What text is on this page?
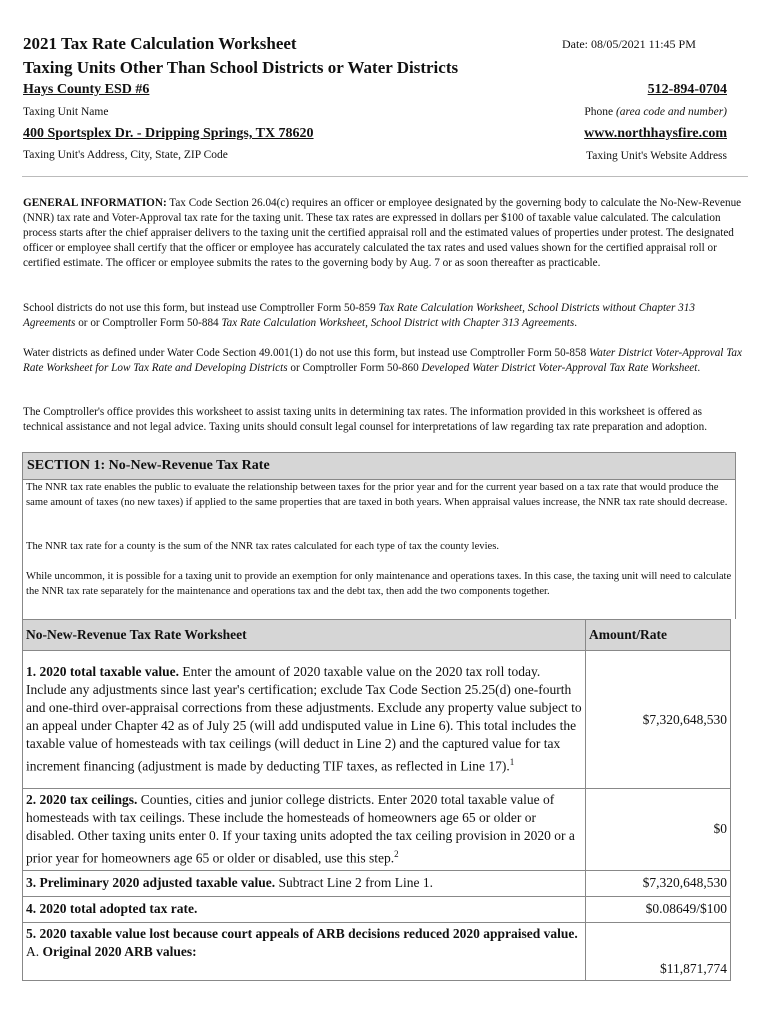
2021 Tax Rate Calculation Worksheet
Taxing Units Other Than School Districts or Water Districts
Date: 08/05/2021 11:45 PM
Hays County ESD #6
Taxing Unit Name
512-894-0704
Phone (area code and number)
400 Sportsplex Dr. - Dripping Springs, TX 78620
Taxing Unit's Address, City, State, ZIP Code
www.northhaysfire.com
Taxing Unit's Website Address
GENERAL INFORMATION: Tax Code Section 26.04(c) requires an officer or employee designated by the governing body to calculate the No-New-Revenue (NNR) tax rate and Voter-Approval tax rate for the taxing unit. These tax rates are expressed in dollars per $100 of taxable value calculated. The calculation process starts after the chief appraiser delivers to the taxing unit the certified appraisal roll and the estimated values of properties under protest. The designated officer or employee shall certify that the officer or employee has accurately calculated the tax rates and used values shown for the certified appraisal roll or certified estimate. The officer or employee submits the rates to the governing body by Aug. 7 or as soon thereafter as practicable.
School districts do not use this form, but instead use Comptroller Form 50-859 Tax Rate Calculation Worksheet, School Districts without Chapter 313 Agreements or or Comptroller Form 50-884 Tax Rate Calculation Worksheet, School District with Chapter 313 Agreements.
Water districts as defined under Water Code Section 49.001(1) do not use this form, but instead use Comptroller Form 50-858 Water District Voter-Approval Tax Rate Worksheet for Low Tax Rate and Developing Districts or Comptroller Form 50-860 Developed Water District Voter-Approval Tax Rate Worksheet.
The Comptroller's office provides this worksheet to assist taxing units in determining tax rates. The information provided in this worksheet is offered as technical assistance and not legal advice. Taxing units should consult legal counsel for interpretations of law regarding tax rate preparation and adoption.
SECTION 1: No-New-Revenue Tax Rate
The NNR tax rate enables the public to evaluate the relationship between taxes for the prior year and for the current year based on a tax rate that would produce the same amount of taxes (no new taxes) if applied to the same properties that are taxed in both years. When appraisal values increase, the NNR tax rate should decrease.
The NNR tax rate for a county is the sum of the NNR tax rates calculated for each type of tax the county levies.
While uncommon, it is possible for a taxing unit to provide an exemption for only maintenance and operations taxes. In this case, the taxing unit will need to calculate the NNR tax rate separately for the maintenance and operations tax and the debt tax, then add the two components together.
No-New-Revenue Tax Rate Worksheet	Amount/Rate
1. 2020 total taxable value. Enter the amount of 2020 taxable value on the 2020 tax roll today. Include any adjustments since last year's certification; exclude Tax Code Section 25.25(d) one-fourth and one-third over-appraisal corrections from these adjustments. Exclude any property value subject to an appeal under Chapter 42 as of July 25 (will add undisputed value in Line 6). This total includes the taxable value of homesteads with tax ceilings (will deduct in Line 2) and the captured value for tax increment financing (adjustment is made by deducting TIF taxes, as reflected in Line 17).$^1$	$7,320,648,530
2. 2020 tax ceilings. Counties, cities and junior college districts. Enter 2020 total taxable value of homesteads with tax ceilings. These include the homesteads of homeowners age 65 or older or disabled. Other taxing units enter 0. If your taxing units adopted the tax ceiling provision in 2020 or a prior year for homeowners age 65 or older or disabled, use this step.$^2$	$0
3. Preliminary 2020 adjusted taxable value. Subtract Line 2 from Line 1.	$7,320,648,530
4. 2020 total adopted tax rate.	$0.08649/$100
5. 2020 taxable value lost because court appeals of ARB decisions reduced 2020 appraised value.
A. Original 2020 ARB values:	$11,871,774
